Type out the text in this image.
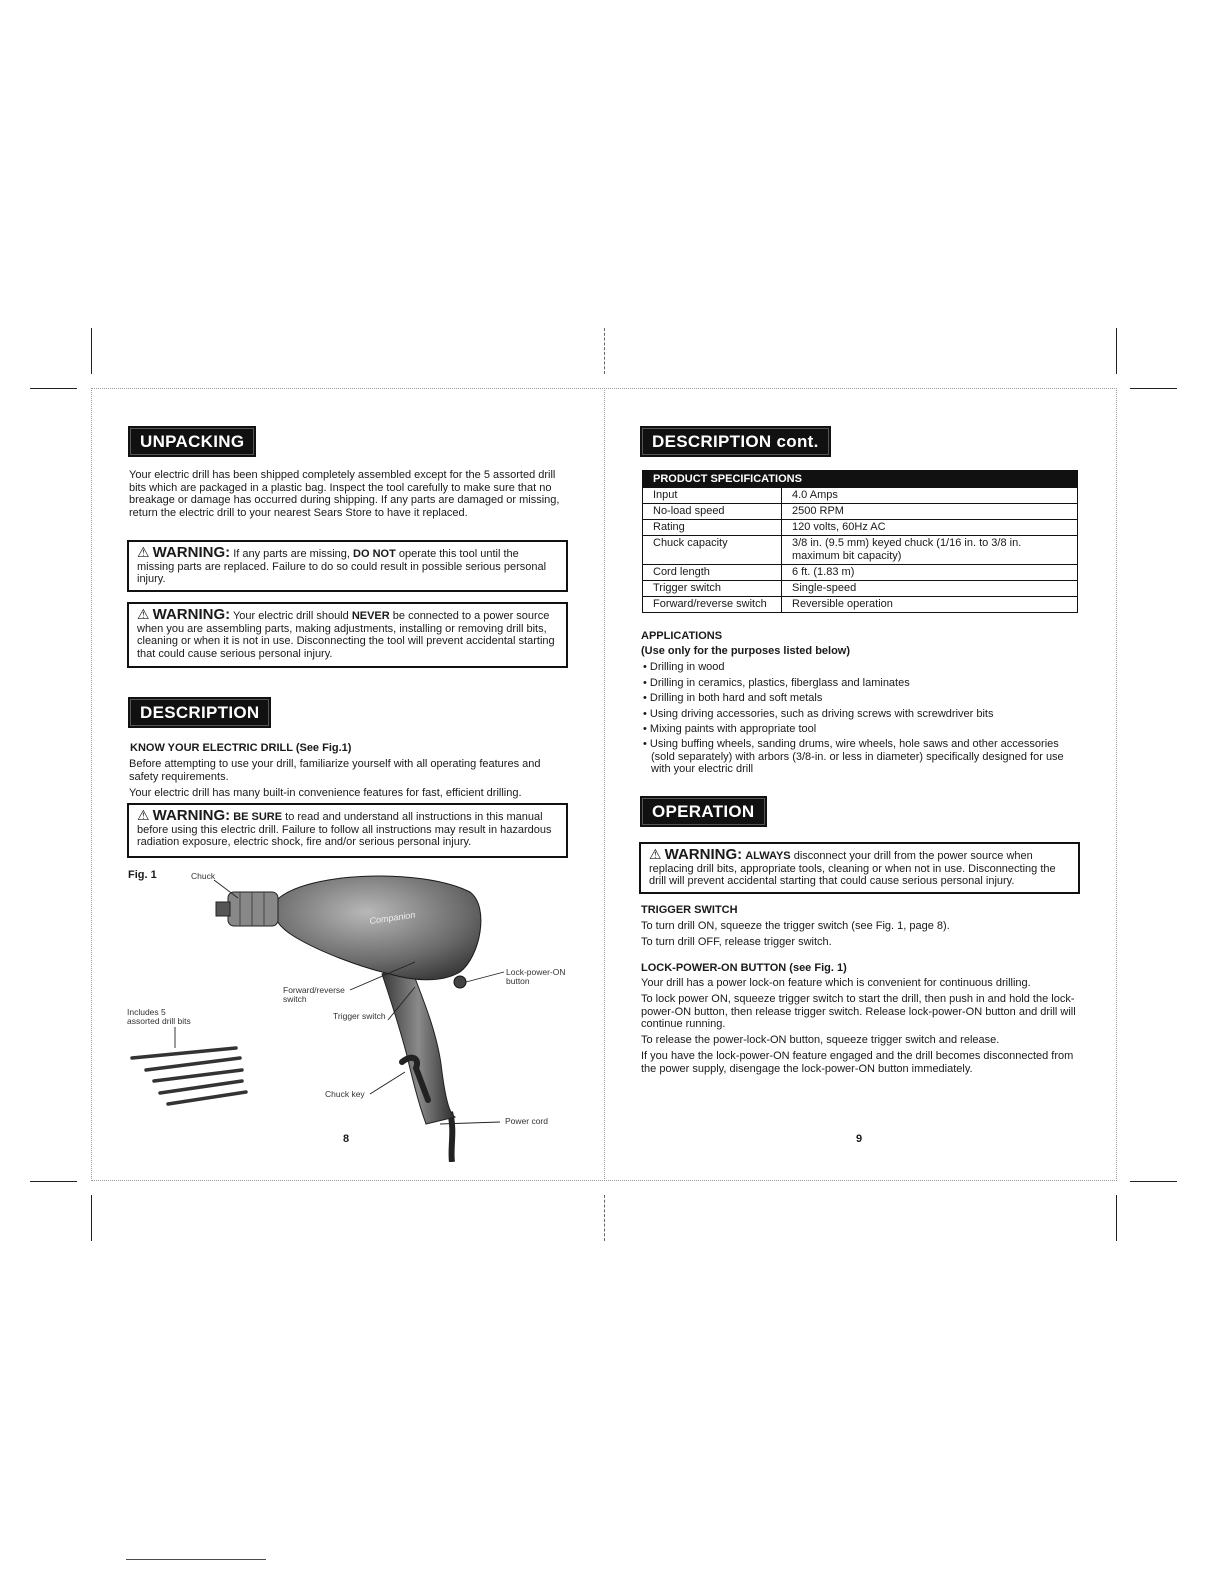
UNPACKING

Your electric drill has been shipped completely assembled except for the 5 assorted drill bits which are packaged in a plastic bag. Inspect the tool carefully to make sure that no breakage or damage has occurred during shipping. If any parts are damaged or missing, return the electric drill to your nearest Sears Store to have it replaced.

⚠ WARNING: If any parts are missing, DO NOT operate this tool until the missing parts are replaced. Failure to do so could result in possible serious personal injury.
⚠ WARNING: Your electric drill should NEVER be connected to a power source when you are assembling parts, making adjustments, installing or removing drill bits, cleaning or when it is not in use. Disconnecting the tool will prevent accidental starting that could cause serious personal injury.
DESCRIPTION
KNOW YOUR ELECTRIC DRILL (See Fig.1)

Before attempting to use your drill, familiarize yourself with all operating features and safety requirements.

Your electric drill has many built-in convenience features for fast, efficient drilling.

⚠ WARNING: BE SURE to read and understand all instructions in this manual before using this electric drill. Failure to follow all instructions may result in hazardous radiation exposure, electric shock, fire and/or serious personal injury.
Fig. 1
Companion
Chuck
Lock-power-ON button
Forward/reverse switch
Trigger switch
Includes 5 assorted drill bits
Chuck key
Power cord
8
DESCRIPTION cont.
PRODUCT SPECIFICATIONS	
Input	4.0 Amps
No-load speed	2500 RPM
Rating	120 volts, 60Hz AC
Chuck capacity	3/8 in. (9.5 mm) keyed chuck (1/16 in. to 3/8 in. maximum bit capacity)
Cord length	6 ft. (1.83 m)
Trigger switch	Single-speed
Forward/reverse switch	Reversible operation
APPLICATIONS
(Use only for the purposes listed below)
• Drilling in wood
• Drilling in ceramics, plastics, fiberglass and laminates
• Drilling in both hard and soft metals
• Using driving accessories, such as driving screws with screwdriver bits
• Mixing paints with appropriate tool
• Using buffing wheels, sanding drums, wire wheels, hole saws and other accessories (sold separately) with arbors (3/8-in. or less in diameter) specifically designed for use with your electric drill
OPERATION
⚠ WARNING: ALWAYS disconnect your drill from the power source when replacing drill bits, appropriate tools, cleaning or when not in use. Disconnecting the drill will prevent accidental starting that could cause serious personal injury.
TRIGGER SWITCH

To turn drill ON, squeeze the trigger switch (see Fig. 1, page 8).

To turn drill OFF, release trigger switch.

LOCK-POWER-ON BUTTON (see Fig. 1)

Your drill has a power lock-on feature which is convenient for continuous drilling.

To lock power ON, squeeze trigger switch to start the drill, then push in and hold the lock-power-ON button, then release trigger switch. Release lock-power-ON button and drill will continue running.

To release the power-lock-ON button, squeeze trigger switch and release.

If you have the lock-power-ON feature engaged and the drill becomes disconnected from the power supply, disengage the lock-power-ON button immediately.

9
